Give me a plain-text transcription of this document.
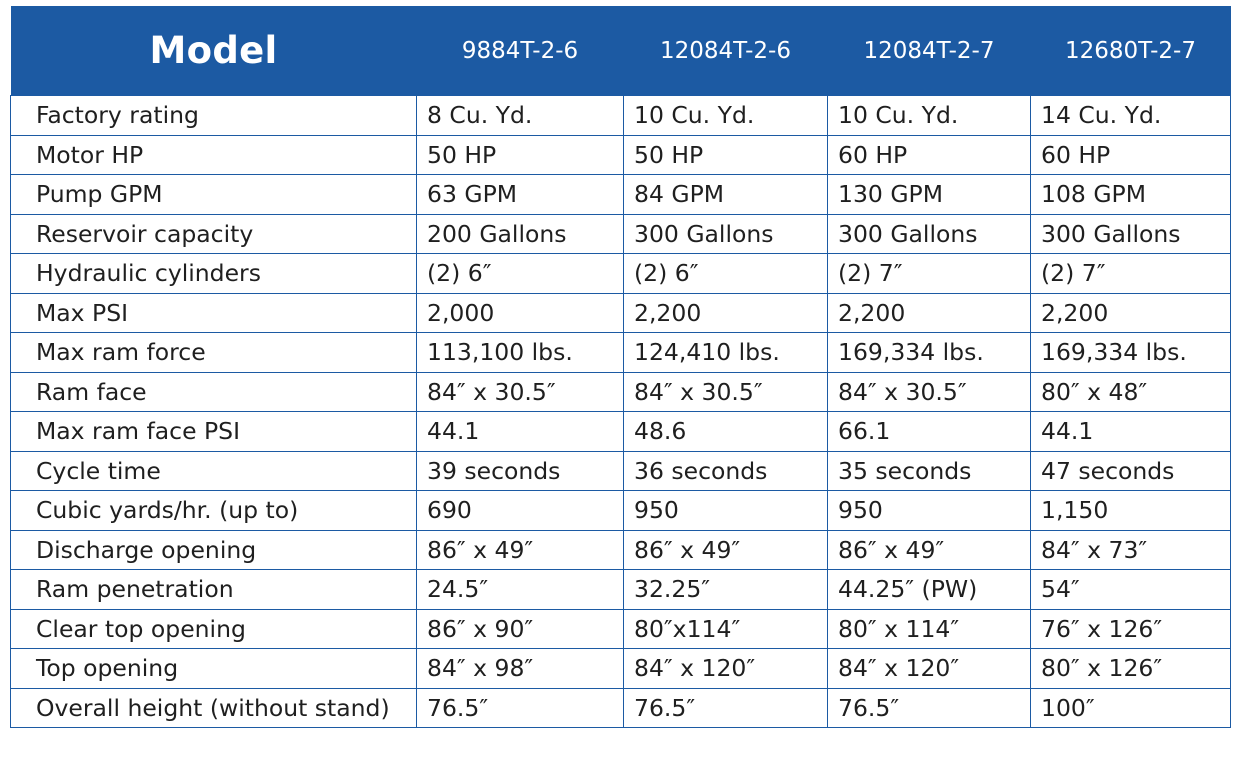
Model	9884T-2-6	12084T-2-6	12084T-2-7	12680T-2-7
Factory rating	8 Cu. Yd.	10 Cu. Yd.	10 Cu. Yd.	14 Cu. Yd.
Motor HP	50 HP	50 HP	60 HP	60 HP
Pump GPM	63 GPM	84 GPM	130 GPM	108 GPM
Reservoir capacity	200 Gallons	300 Gallons	300 Gallons	300 Gallons
Hydraulic cylinders	(2) 6″	(2) 6″	(2) 7″	(2) 7″
Max PSI	2,000	2,200	2,200	2,200
Max ram force	113,100 lbs.	124,410 lbs.	169,334 lbs.	169,334 lbs.
Ram face	84″ x 30.5″	84″ x 30.5″	84″ x 30.5″	80″ x 48″
Max ram face PSI	44.1	48.6	66.1	44.1
Cycle time	39 seconds	36 seconds	35 seconds	47 seconds
Cubic yards/hr. (up to)	690	950	950	1,150
Discharge opening	86″ x 49″	86″ x 49″	86″ x 49″	84″ x 73″
Ram penetration	24.5″	32.25″	44.25″ (PW)	54″
Clear top opening	86″ x 90″	80″x114″	80″ x 114″	76″ x 126″
Top opening	84″ x 98″	84″ x 120″	84″ x 120″	80″ x 126″
Overall height (without stand)	76.5″	76.5″	76.5″	100″
